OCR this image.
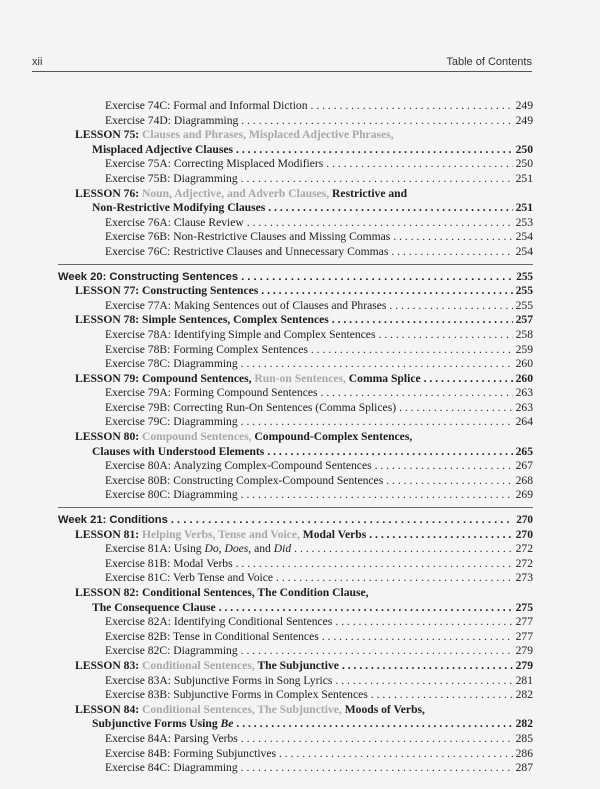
xii	Table of Contents
Exercise 74C: Formal and Informal Diction . . .	249
Exercise 74D: Diagramming . . .	249
LESSON 75: Clauses and Phrases, Misplaced Adjective Phrases,
Misplaced Adjective Clauses . . .	250
Exercise 75A: Correcting Misplaced Modifiers . . .	250
Exercise 75B: Diagramming . . .	251
LESSON 76: Noun, Adjective, and Adverb Clauses, Restrictive and
Non-Restrictive Modifying Clauses . . .	251
Exercise 76A: Clause Review . . .	253
Exercise 76B: Non-Restrictive Clauses and Missing Commas . . .	254
Exercise 76C: Restrictive Clauses and Unnecessary Commas . . .	254
Week 20: Constructing Sentences . . .	255
LESSON 77: Constructing Sentences . . .	255
Exercise 77A: Making Sentences out of Clauses and Phrases . . .	255
LESSON 78: Simple Sentences, Complex Sentences . . .	257
Exercise 78A: Identifying Simple and Complex Sentences . . .	258
Exercise 78B: Forming Complex Sentences . . .	259
Exercise 78C: Diagramming . . .	260
LESSON 79: Compound Sentences, Run-on Sentences, Comma Splice . . .	260
Exercise 79A: Forming Compound Sentences . . .	263
Exercise 79B: Correcting Run-On Sentences (Comma Splices) . . .	263
Exercise 79C: Diagramming . . .	264
LESSON 80: Compound Sentences, Compound-Complex Sentences,
Clauses with Understood Elements . . .	265
Exercise 80A: Analyzing Complex-Compound Sentences . . .	267
Exercise 80B: Constructing Complex-Compound Sentences . . .	268
Exercise 80C: Diagramming . . .	269
Week 21: Conditions . . .	270
LESSON 81: Helping Verbs, Tense and Voice, Modal Verbs . . .	270
Exercise 81A: Using Do, Does, and Did . . .	272
Exercise 81B: Modal Verbs . . .	272
Exercise 81C: Verb Tense and Voice . . .	273
LESSON 82: Conditional Sentences, The Condition Clause,
The Consequence Clause . . .	275
Exercise 82A: Identifying Conditional Sentences . . .	277
Exercise 82B: Tense in Conditional Sentences . . .	277
Exercise 82C: Diagramming . . .	279
LESSON 83: Conditional Sentences, The Subjunctive . . .	279
Exercise 83A: Subjunctive Forms in Song Lyrics . . .	281
Exercise 83B: Subjunctive Forms in Complex Sentences . . .	282
LESSON 84: Conditional Sentences, The Subjunctive, Moods of Verbs,
Subjunctive Forms Using Be . . .	282
Exercise 84A: Parsing Verbs . . .	285
Exercise 84B: Forming Subjunctives . . .	286
Exercise 84C: Diagramming . . .	287
